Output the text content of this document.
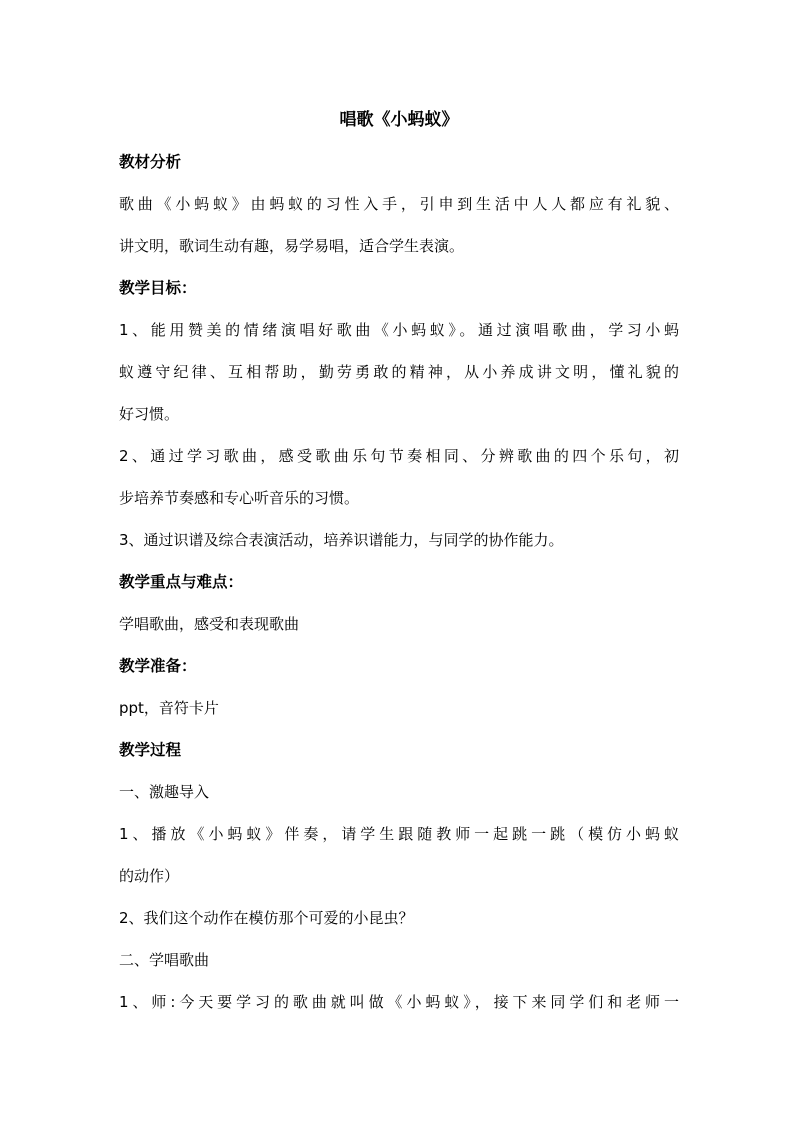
唱歌《小蚂蚁》

教材分析

歌曲《小蚂蚁》由蚂蚁的习性入手，引申到生活中人人都应有礼貌、

讲文明，歌词生动有趣，易学易唱，适合学生表演。

教学目标：

1、能用赞美的情绪演唱好歌曲《小蚂蚁》。通过演唱歌曲，学习小蚂

蚁遵守纪律、互相帮助，勤劳勇敢的精神，从小养成讲文明，懂礼貌的

好习惯。

2、通过学习歌曲，感受歌曲乐句节奏相同、分辨歌曲的四个乐句，初

步培养节奏感和专心听音乐的习惯。

3、通过识谱及综合表演活动，培养识谱能力，与同学的协作能力。

教学重点与难点：

学唱歌曲，感受和表现歌曲

教学准备：

ppt，音符卡片

教学过程

一、激趣导入

1、播放《小蚂蚁》伴奏，请学生跟随教师一起跳一跳（模仿小蚂蚁

的动作）

2、我们这个动作在模仿那个可爱的小昆虫？

二、学唱歌曲

1、师:今天要学习的歌曲就叫做《小蚂蚁》，接下来同学们和老师一
